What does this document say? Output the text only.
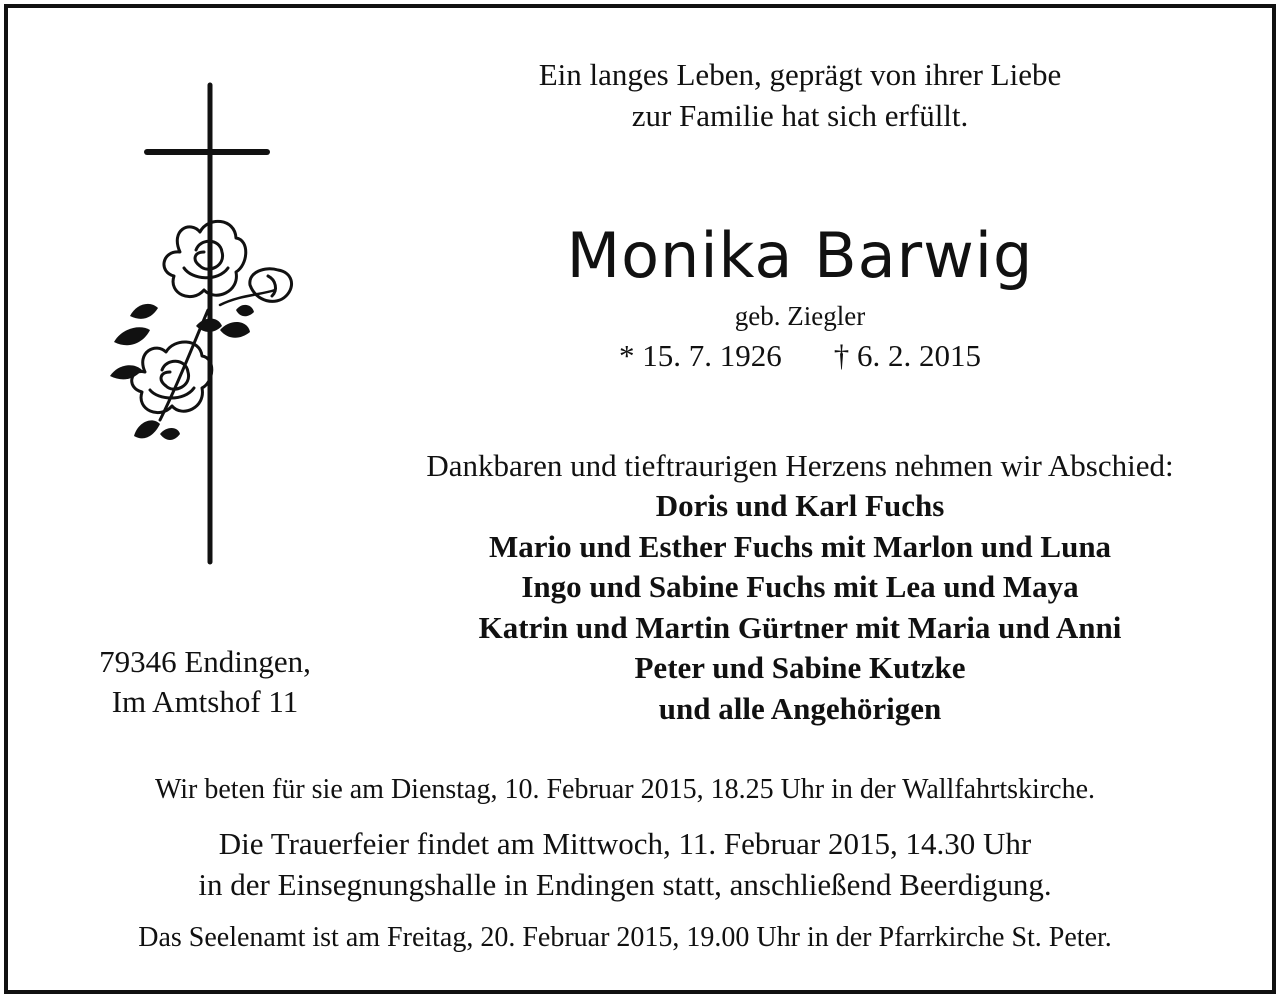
79346 Endingen,
Im Amtshof 11
Ein langes Leben, geprägt von ihrer Liebe
zur Familie hat sich erfüllt.
Monika Barwig
geb. Ziegler
* 15. 7. 1926 † 6. 2. 2015
Dankbaren und tieftraurigen Herzens nehmen wir Abschied:
Doris und Karl Fuchs
Mario und Esther Fuchs mit Marlon und Luna
Ingo und Sabine Fuchs mit Lea und Maya
Katrin und Martin Gürtner mit Maria und Anni
Peter und Sabine Kutzke
und alle Angehörigen
Wir beten für sie am Dienstag, 10. Februar 2015, 18.25 Uhr in der Wallfahrtskirche.
Die Trauerfeier findet am Mittwoch, 11. Februar 2015, 14.30 Uhr
in der Einsegnungshalle in Endingen statt, anschließend Beerdigung.
Das Seelenamt ist am Freitag, 20. Februar 2015, 19.00 Uhr in der Pfarrkirche St. Peter.
